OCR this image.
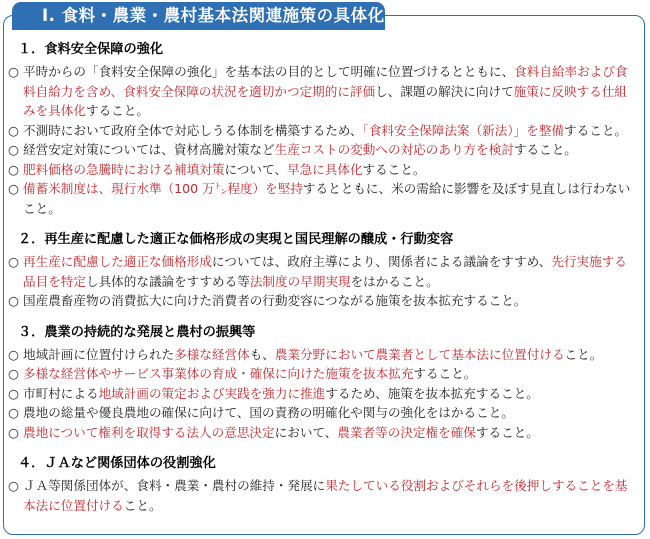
Ⅰ. 食料・農業・農村基本法関連施策の具体化
１．食料安全保障の強化
○ 平時からの「食料安全保障の強化」を基本法の目的として明確に位置づけるとともに、食料自給率および食料自給力を含め、食料安全保障の状況を適切かつ定期的に評価し、課題の解決に向けて施策に反映する仕組みを具体化すること。
○ 不測時において政府全体で対応しうる体制を構築するため、「食料安全保障法案（新法）」を整備すること。
○ 経営安定対策については、資材高騰対策など生産コストの変動への対応のあり方を検討すること。
○ 肥料価格の急騰時における補填対策について、早急に具体化すること。
○ 備蓄米制度は、現行水準（100 万㌧程度）を堅持するとともに、米の需給に影響を及ぼす見直しは行わないこと。
２．再生産に配慮した適正な価格形成の実現と国民理解の醸成・行動変容
○ 再生産に配慮した適正な価格形成については、政府主導により、関係者による議論をすすめ、先行実施する品目を特定し具体的な議論をすすめる等法制度の早期実現をはかること。
○ 国産農畜産物の消費拡大に向けた消費者の行動変容につながる施策を抜本拡充すること。
３．農業の持続的な発展と農村の振興等
○ 地域計画に位置付けられた多様な経営体も、農業分野において農業者として基本法に位置付けること。
○ 多様な経営体やサービス事業体の育成・確保に向けた施策を抜本拡充すること。
○ 市町村による地域計画の策定および実践を強力に推進するため、施策を抜本拡充すること。
○ 農地の総量や優良農地の確保に向けて、国の責務の明確化や関与の強化をはかること。
○ 農地について権利を取得する法人の意思決定において、農業者等の決定権を確保すること。
４．ＪＡなど関係団体の役割強化
○ ＪＡ等関係団体が、食料・農業・農村の維持・発展に果たしている役割およびそれらを後押しすることを基本法に位置付けること。
